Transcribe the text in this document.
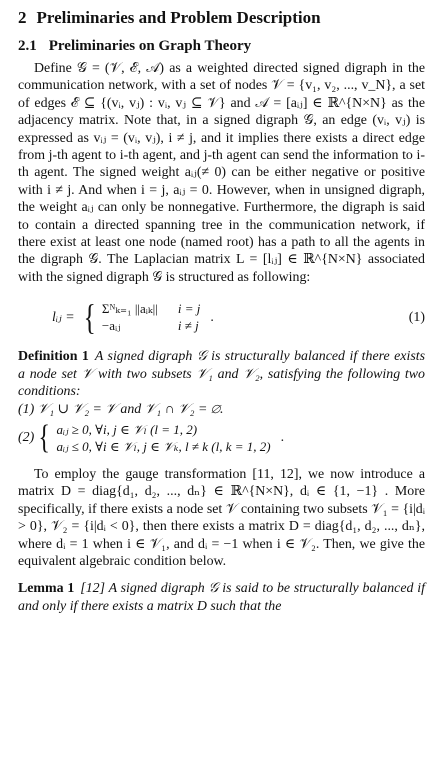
2 Preliminaries and Problem Description
2.1 Preliminaries on Graph Theory

Define 𝒢 = (𝒱, ℰ, 𝒜) as a weighted directed signed digraph in the communication network, with a set of nodes 𝒱 = {v₁, v₂, ..., v_N}, a set of edges ℰ ⊆ {(vᵢ, vⱼ) : vᵢ, vⱼ ⊆ 𝒱} and 𝒜 = [aᵢⱼ] ∈ ℝ^{N×N} as the adjacency matrix. Note that, in a signed digraph 𝒢, an edge (vᵢ, vⱼ) is expressed as vᵢⱼ = (vᵢ, vⱼ), i ≠ j, and it implies there exists a direct edge from j-th agent to i-th agent, and j-th agent can send the information to i-th agent. The signed weight aᵢⱼ(≠ 0) can be either negative or positive with i ≠ j. And when i = j, aᵢⱼ = 0. However, when in unsigned digraph, the weight aᵢⱼ can only be nonnegative. Furthermore, the digraph is said to contain a directed spanning tree in the communication network, if there exist at least one node (named root) has a path to all the agents in the digraph 𝒢. The Laplacian matrix L = [lᵢⱼ] ∈ ℝ^{N×N} associated with the signed digraph 𝒢 is structured as following:

lᵢⱼ = { Σᴺₖ₌₁ ||aᵢₖ||	i = j
−aᵢⱼ	i ≠ j
.	(1)

Definition 1 A signed digraph 𝒢 is structurally balanced if there exists a node set 𝒱 with two subsets 𝒱₁ and 𝒱₂, satisfying the following two conditions:

(1) 𝒱₁ ∪ 𝒱₂ = 𝒱 and 𝒱₁ ∩ 𝒱₂ = ∅.
(2) { aᵢⱼ ≥ 0, ∀i, j ∈ 𝒱ₗ (l = 1, 2)
aᵢⱼ ≤ 0, ∀i ∈ 𝒱ₗ, j ∈ 𝒱ₖ, l ≠ k (l, k = 1, 2)
.

To employ the gauge transformation [11, 12], we now introduce a matrix D = diag{d₁, d₂, ..., dₙ} ∈ ℝ^{N×N}, dᵢ ∈ {1, −1} . More specifically, if there exists a node set 𝒱 containing two subsets 𝒱₁ = {i|dᵢ > 0}, 𝒱₂ = {i|dᵢ < 0}, then there exists a matrix D = diag{d₁, d₂, ..., dₙ}, where dᵢ = 1 when i ∈ 𝒱₁, and dᵢ = −1 when i ∈ 𝒱₂. Then, we give the equivalent algebraic condition below.

Lemma 1 [12] A signed digraph 𝒢 is said to be structurally balanced if and only if there exists a matrix D such that the
